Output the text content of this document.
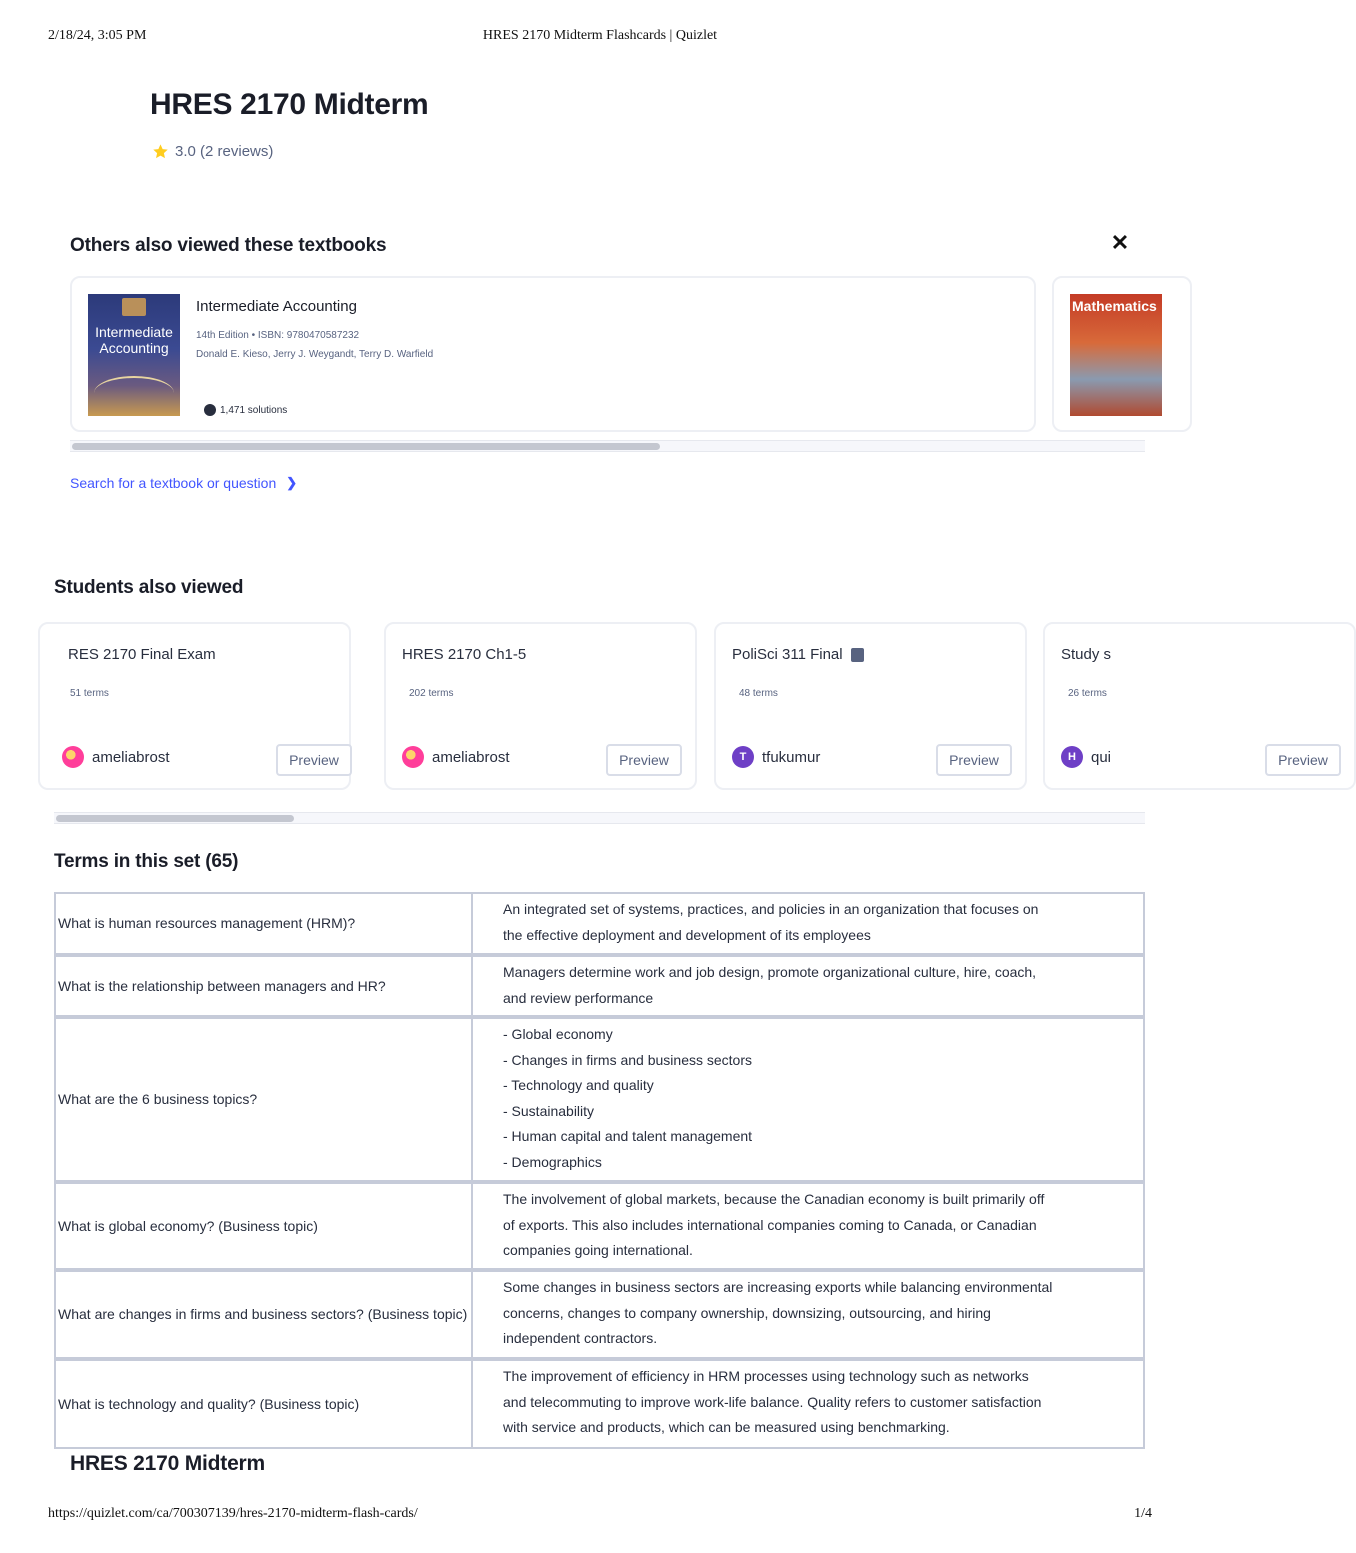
2/18/24, 3:05 PM	HRES 2170 Midterm Flashcards | Quizlet
HRES 2170 Midterm
3.0 (2 reviews)
Others also viewed these textbooks	✕
Intermediate Accounting
Intermediate Accounting
14th Edition • ISBN: 9780470587232
Donald E. Kieso, Jerry J. Weygandt, Terry D. Warfield
1,471 solutions
Mathematics
Search for a textbook or question ❯
Students also viewed
RES 2170 Final Exam
51 terms
ameliabrost	Preview
HRES 2170 Ch1-5
202 terms
ameliabrost	Preview
PoliSci 311 Final
48 terms
T	tfukumur	Preview
Study s
26 terms
H	qui	Preview
Terms in this set (65)
What is human resources management (HRM)?
An integrated set of systems, practices, and policies in an organization that focuses on
the effective deployment and development of its employees
What is the relationship between managers and HR?
Managers determine work and job design, promote organizational culture, hire, coach,
and review performance
What are the 6 business topics?
- Global economy
- Changes in firms and business sectors
- Technology and quality
- Sustainability
- Human capital and talent management
- Demographics
What is global economy? (Business topic)
The involvement of global markets, because the Canadian economy is built primarily off
of exports. This also includes international companies coming to Canada, or Canadian
companies going international.
What are changes in firms and business sectors? (Business topic)
Some changes in business sectors are increasing exports while balancing environmental
concerns, changes to company ownership, downsizing, outsourcing, and hiring
independent contractors.
What is technology and quality? (Business topic)
The improvement of efficiency in HRM processes using technology such as networks
and telecommuting to improve work-life balance. Quality refers to customer satisfaction
with service and products, which can be measured using benchmarking.
HRES 2170 Midterm
https://quizlet.com/ca/700307139/hres-2170-midterm-flash-cards/	1/4
